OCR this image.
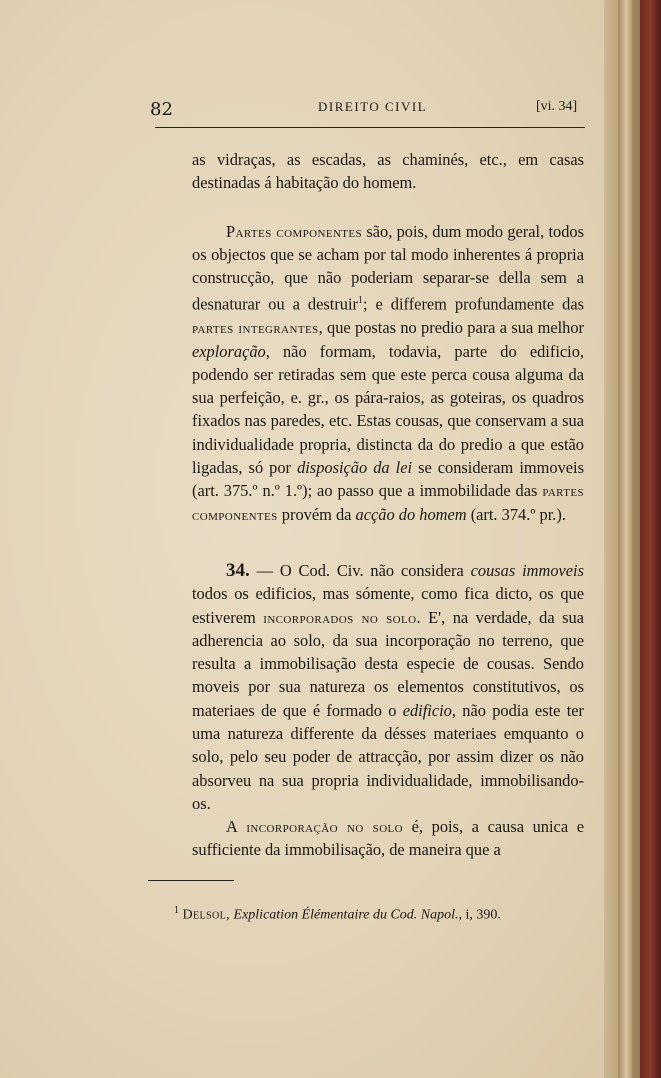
82	DIREITO CIVIL	[vi. 34]

as vidraças, as escadas, as chaminés, etc., em casas destinadas á habitação do homem.

Partes componentes são, pois, dum modo geral, todos os objectos que se acham por tal modo inherentes á propria construcção, que não poderiam separar-se della sem a desnaturar ou a destruir$^1$; e differem profundamente das partes integrantes, que postas no predio para a sua melhor exploração, não formam, todavia, parte do edificio, podendo ser retiradas sem que este perca cousa alguma da sua perfeição, e. gr., os pára-raios, as goteiras, os quadros fixados nas paredes, etc. Estas cousas, que conservam a sua individualidade propria, distincta da do predio a que estão ligadas, só por disposição da lei se consideram immoveis (art. 375.º n.º 1.º); ao passo que a immobilidade das partes componentes provém da acção do homem (art. 374.º pr.).

34. — O Cod. Civ. não considera cousas immoveis todos os edificios, mas sómente, como fica dicto, os que estiverem incorporados no solo. E', na verdade, da sua adherencia ao solo, da sua incorporação no terreno, que resulta a immobilisação desta especie de cousas. Sendo moveis por sua natureza os elementos constitutivos, os materiaes de que é formado o edificio, não podia este ter uma natureza differente da désses materiaes emquanto o solo, pelo seu poder de attracção, por assim dizer os não absorveu na sua propria individualidade, immobilisando-os.

A incorporação no solo é, pois, a causa unica e sufficiente da immobilisação, de maneira que a

$^1$ Delsol, Explication Élémentaire du Cod. Napol., i, 390.
